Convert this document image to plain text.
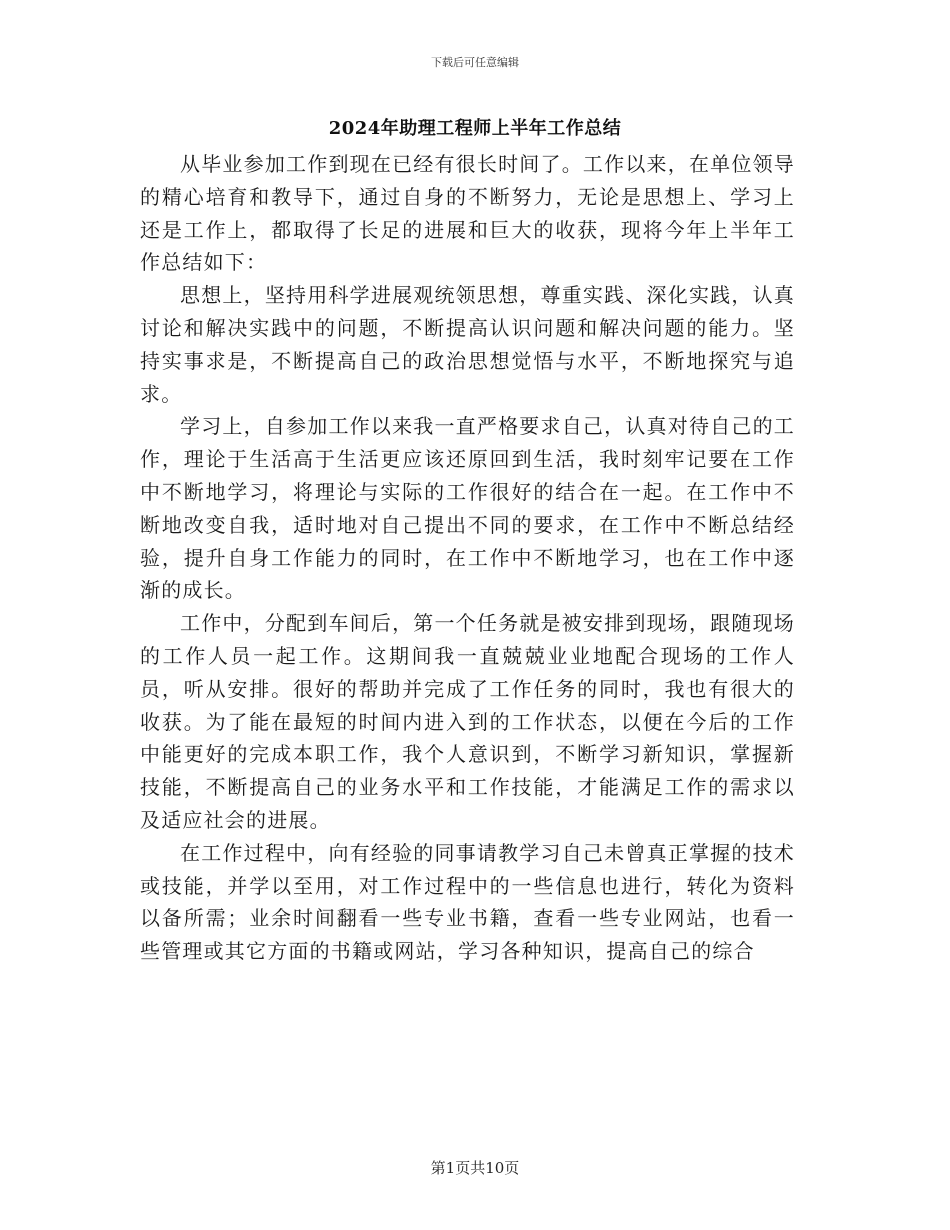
下载后可任意编辑
2024年助理工程师上半年工作总结

从毕业参加工作到现在已经有很长时间了。工作以来，在单位领导的精心培育和教导下，通过自身的不断努力，无论是思想上、学习上还是工作上，都取得了长足的进展和巨大的收获，现将今年上半年工作总结如下：

思想上，坚持用科学进展观统领思想，尊重实践、深化实践，认真讨论和解决实践中的问题，不断提高认识问题和解决问题的能力。坚持实事求是，不断提高自己的政治思想觉悟与水平，不断地探究与追求。

学习上，自参加工作以来我一直严格要求自己，认真对待自己的工作，理论于生活高于生活更应该还原回到生活，我时刻牢记要在工作中不断地学习，将理论与实际的工作很好的结合在一起。在工作中不断地改变自我，适时地对自己提出不同的要求，在工作中不断总结经验，提升自身工作能力的同时，在工作中不断地学习，也在工作中逐渐的成长。

工作中，分配到车间后，第一个任务就是被安排到现场，跟随现场的工作人员一起工作。这期间我一直兢兢业业地配合现场的工作人员，听从安排。很好的帮助并完成了工作任务的同时，我也有很大的收获。为了能在最短的时间内进入到的工作状态，以便在今后的工作中能更好的完成本职工作，我个人意识到，不断学习新知识，掌握新技能，不断提高自己的业务水平和工作技能，才能满足工作的需求以及适应社会的进展。

在工作过程中，向有经验的同事请教学习自己未曾真正掌握的技术或技能，并学以至用，对工作过程中的一些信息也进行，转化为资料以备所需；业余时间翻看一些专业书籍，查看一些专业网站，也看一些管理或其它方面的书籍或网站，学习各种知识，提高自己的综合

第1页共10页
